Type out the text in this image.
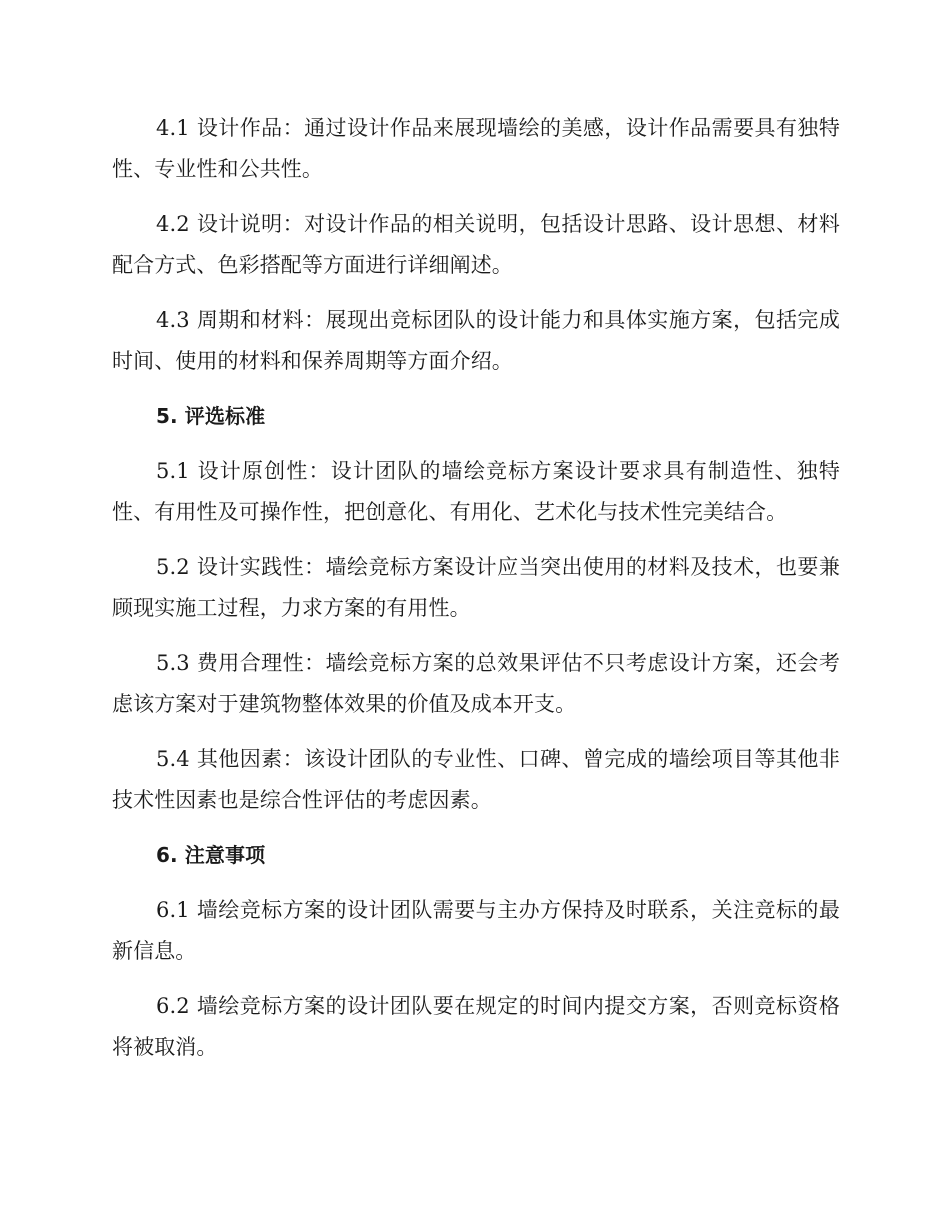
4.1 设计作品：通过设计作品来展现墙绘的美感，设计作品需要具有独特性、专业性和公共性。

4.2 设计说明：对设计作品的相关说明，包括设计思路、设计思想、材料配合方式、色彩搭配等方面进行详细阐述。

4.3 周期和材料：展现出竞标团队的设计能力和具体实施方案，包括完成时间、使用的材料和保养周期等方面介绍。

5. 评选标准

5.1 设计原创性：设计团队的墙绘竞标方案设计要求具有制造性、独特性、有用性及可操作性，把创意化、有用化、艺术化与技术性完美结合。

5.2 设计实践性：墙绘竞标方案设计应当突出使用的材料及技术，也要兼顾现实施工过程，力求方案的有用性。

5.3 费用合理性：墙绘竞标方案的总效果评估不只考虑设计方案，还会考虑该方案对于建筑物整体效果的价值及成本开支。

5.4 其他因素：该设计团队的专业性、口碑、曾完成的墙绘项目等其他非技术性因素也是综合性评估的考虑因素。

6. 注意事项

6.1 墙绘竞标方案的设计团队需要与主办方保持及时联系，关注竞标的最新信息。

6.2 墙绘竞标方案的设计团队要在规定的时间内提交方案，否则竞标资格将被取消。
